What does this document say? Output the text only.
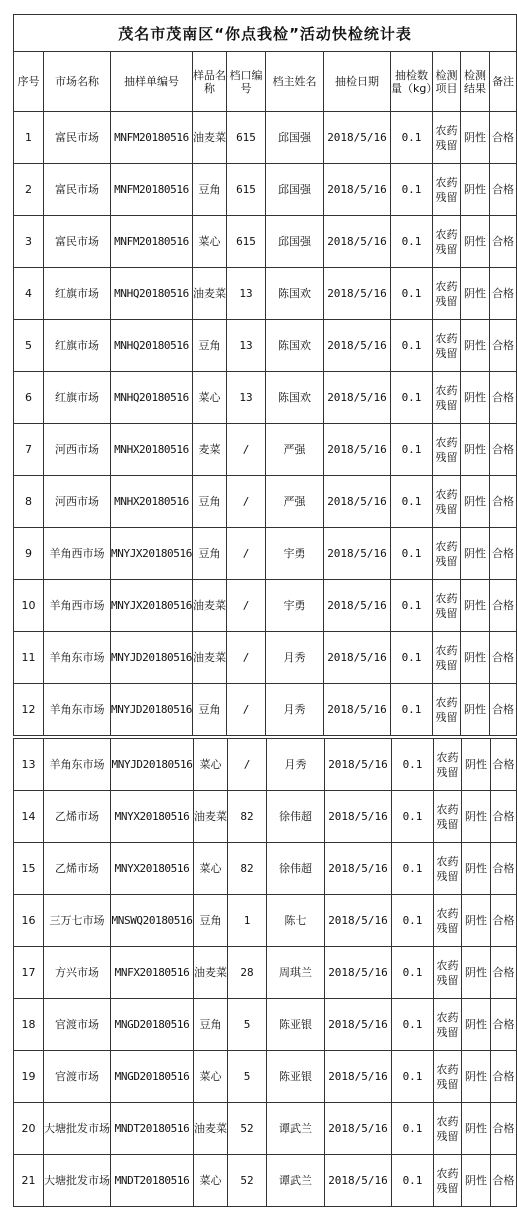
茂名市茂南区“你点我检”活动快检统计表										
序号	市场名称	抽样单编号	样品名称	档口编号	档主姓名	抽检日期	抽检数量（kg）	检测项目	检测结果	备注
1	富民市场	MNFM20180516	油麦菜	615	邱国强	2018/5/16	0.1	农药残留	阴性	合格
2	富民市场	MNFM20180516	豆角	615	邱国强	2018/5/16	0.1	农药残留	阴性	合格
3	富民市场	MNFM20180516	菜心	615	邱国强	2018/5/16	0.1	农药残留	阴性	合格
4	红旗市场	MNHQ20180516	油麦菜	13	陈国欢	2018/5/16	0.1	农药残留	阴性	合格
5	红旗市场	MNHQ20180516	豆角	13	陈国欢	2018/5/16	0.1	农药残留	阴性	合格
6	红旗市场	MNHQ20180516	菜心	13	陈国欢	2018/5/16	0.1	农药残留	阴性	合格
7	河西市场	MNHX20180516	麦菜	/	严强	2018/5/16	0.1	农药残留	阴性	合格
8	河西市场	MNHX20180516	豆角	/	严强	2018/5/16	0.1	农药残留	阴性	合格
9	羊角西市场	MNYJX20180516	豆角	/	宇勇	2018/5/16	0.1	农药残留	阴性	合格
10	羊角西市场	MNYJX20180516	油麦菜	/	宇勇	2018/5/16	0.1	农药残留	阴性	合格
11	羊角东市场	MNYJD20180516	油麦菜	/	月秀	2018/5/16	0.1	农药残留	阴性	合格
12	羊角东市场	MNYJD20180516	豆角	/	月秀	2018/5/16	0.1	农药残留	阴性	合格
13	羊角东市场	MNYJD20180516	菜心	/	月秀	2018/5/16	0.1	农药残留	阴性	合格
14	乙烯市场	MNYX20180516	油麦菜	82	徐伟超	2018/5/16	0.1	农药残留	阴性	合格
15	乙烯市场	MNYX20180516	菜心	82	徐伟超	2018/5/16	0.1	农药残留	阴性	合格
16	三万七市场	MNSWQ20180516	豆角	1	陈七	2018/5/16	0.1	农药残留	阴性	合格
17	方兴市场	MNFX20180516	油麦菜	28	周琪兰	2018/5/16	0.1	农药残留	阴性	合格
18	官渡市场	MNGD20180516	豆角	5	陈亚银	2018/5/16	0.1	农药残留	阴性	合格
19	官渡市场	MNGD20180516	菜心	5	陈亚银	2018/5/16	0.1	农药残留	阴性	合格
20	大塘批发市场	MNDT20180516	油麦菜	52	谭武兰	2018/5/16	0.1	农药残留	阴性	合格
21	大塘批发市场	MNDT20180516	菜心	52	谭武兰	2018/5/16	0.1	农药残留	阴性	合格
